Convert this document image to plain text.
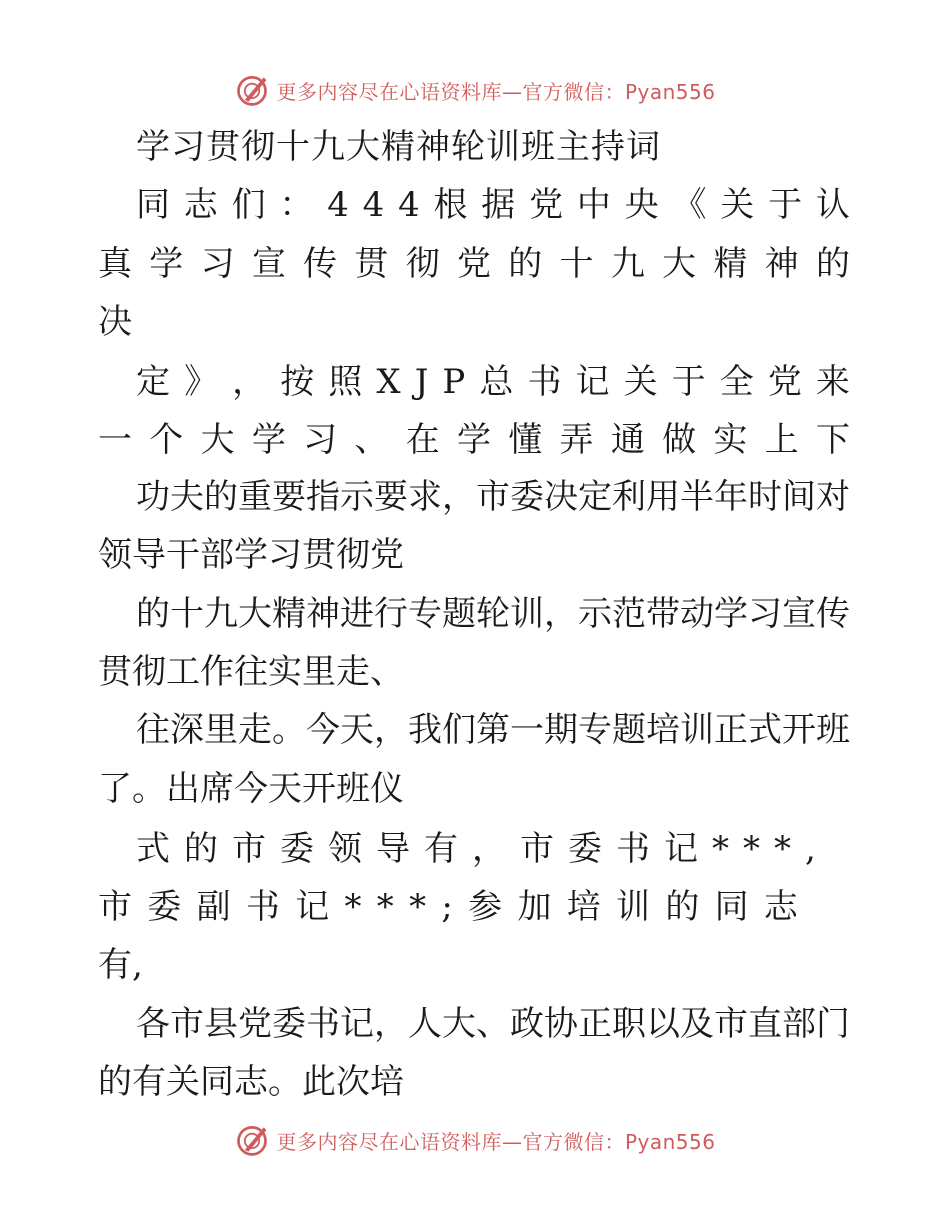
更多内容尽在心语资料库—官方微信：Pyan556
学习贯彻十九大精神轮训班主持词
同 志 们 ： 4 4 4 根 据 党 中 央 《 关 于 认
真 学 习 宣 传 贯 彻 党 的 十 九 大 精 神 的
决
定 》 ， 按 照 X J P 总 书 记 关 于 全 党 来
一 个 大 学 习 、 在 学 懂 弄 通 做 实 上 下
功夫的重要指示要求，市委决定利用半年时间对
领导干部学习贯彻党
的十九大精神进行专题轮训，示范带动学习宣传
贯彻工作往实里走、
往深里走。今天，我们第一期专题培训正式开班
了。出席今天开班仪
式 的 市 委 领 导 有 ， 市 委 书 记 * * * ,
市 委 副 书 记 * * * ; 参 加 培 训 的 同 志
有,
各市县党委书记，人大、政协正职以及市直部门
的有关同志。此次培
更多内容尽在心语资料库—官方微信：Pyan556
